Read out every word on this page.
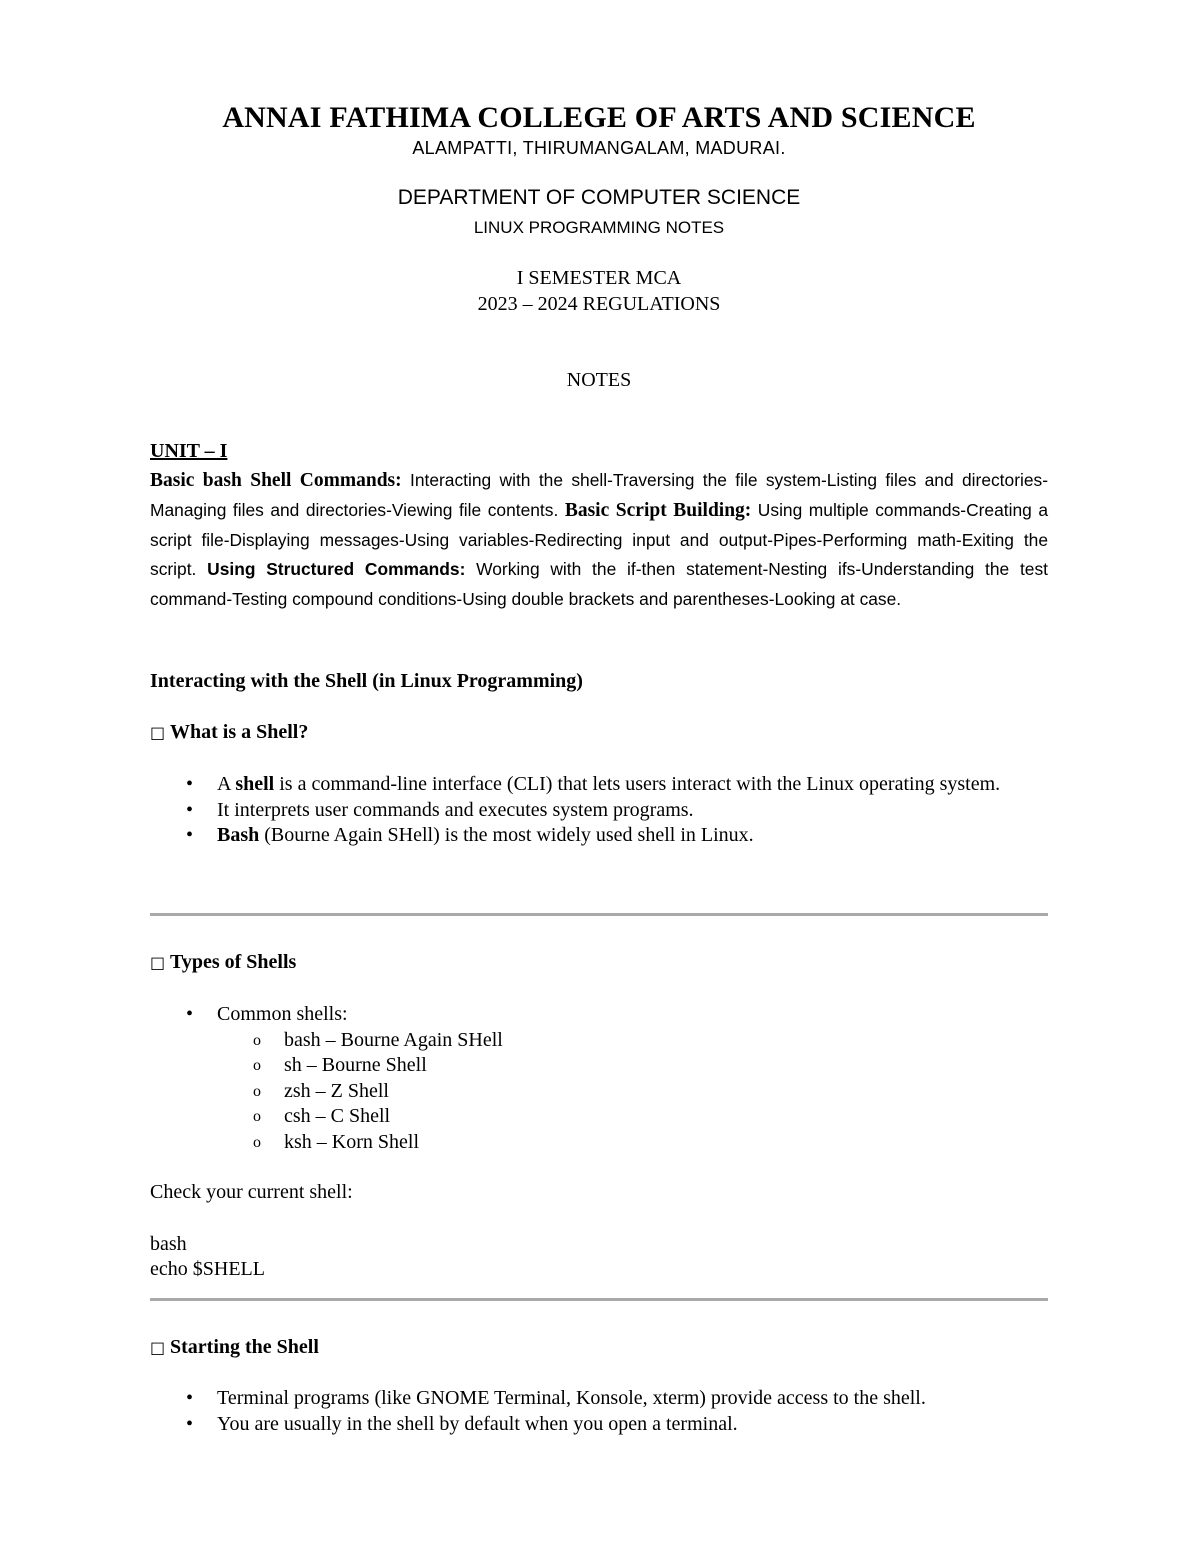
ANNAI FATHIMA COLLEGE OF ARTS AND SCIENCE
ALAMPATTI, THIRUMANGALAM, MADURAI.
DEPARTMENT OF COMPUTER SCIENCE
LINUX PROGRAMMING NOTES
I SEMESTER MCA
2023 – 2024 REGULATIONS
NOTES
UNIT – I
Basic bash Shell Commands: Interacting with the shell-Traversing the file system-Listing files and directories-Managing files and directories-Viewing file contents. Basic Script Building: Using multiple commands-Creating a script file-Displaying messages-Using variables-Redirecting input and output-Pipes-Performing math-Exiting the script. Using Structured Commands: Working with the if-then statement-Nesting ifs-Understanding the test command-Testing compound conditions-Using double brackets and parentheses-Looking at case.
Interacting with the Shell (in Linux Programming)
□ What is a Shell?
• A shell is a command-line interface (CLI) that lets users interact with the Linux operating system.
• It interprets user commands and executes system programs.
• Bash (Bourne Again SHell) is the most widely used shell in Linux.
□ Types of Shells
• Common shells:
o bash – Bourne Again SHell
o sh – Bourne Shell
o zsh – Z Shell
o csh – C Shell
o ksh – Korn Shell
Check your current shell:
bash
echo $SHELL
□ Starting the Shell
• Terminal programs (like GNOME Terminal, Konsole, xterm) provide access to the shell.
• You are usually in the shell by default when you open a terminal.
